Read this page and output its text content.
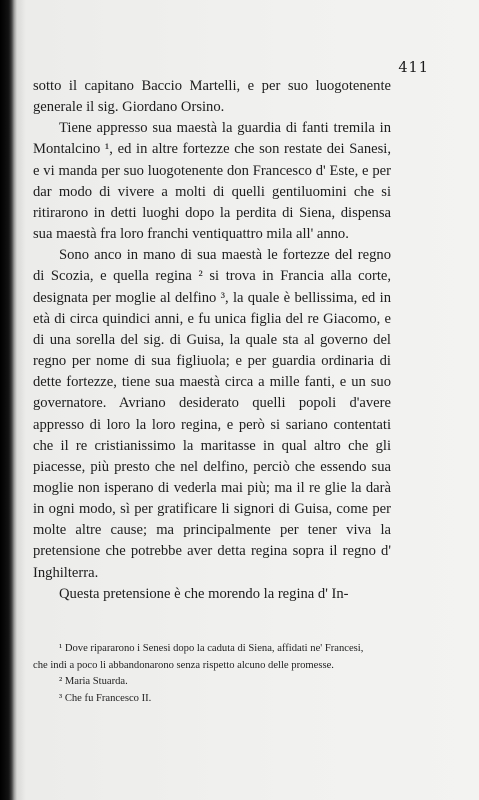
411

sotto il capitano Baccio Martelli, e per suo luogotenente generale il sig. Giordano Orsino.

Tiene appresso sua maestà la guardia di fanti tremila in Montalcino ¹, ed in altre fortezze che son restate dei Sanesi, e vi manda per suo luogotenente don Francesco d' Este, e per dar modo di vivere a molti di quelli gentiluomini che si ritirarono in detti luoghi dopo la perdita di Siena, dispensa sua maestà fra loro franchi ventiquattro mila all' anno.

Sono anco in mano di sua maestà le fortezze del regno di Scozia, e quella regina ² si trova in Francia alla corte, designata per moglie al delfino ³, la quale è bellissima, ed in età di circa quindici anni, e fu unica figlia del re Giacomo, e di una sorella del sig. di Guisa, la quale sta al governo del regno per nome di sua figliuola; e per guardia ordinaria di dette fortezze, tiene sua maestà circa a mille fanti, e un suo governatore. Avriano desiderato quelli popoli d'avere appresso di loro la loro regina, e però si sariano contentati che il re cristianissimo la maritasse in qual altro che gli piacesse, più presto che nel delfino, perciò che essendo sua moglie non isperano di vederla mai più; ma il re glie la darà in ogni modo, sì per gratificare li signori di Guisa, come per molte altre cause; ma principalmente per tener viva la pretensione che potrebbe aver detta regina sopra il regno d' Inghilterra.

Questa pretensione è che morendo la regina d' In-

¹ Dove ripararono i Senesi dopo la caduta di Siena, affidati ne' Francesi,

che indi a poco li abbandonarono senza rispetto alcuno delle promesse.

² Maria Stuarda.

³ Che fu Francesco II.
